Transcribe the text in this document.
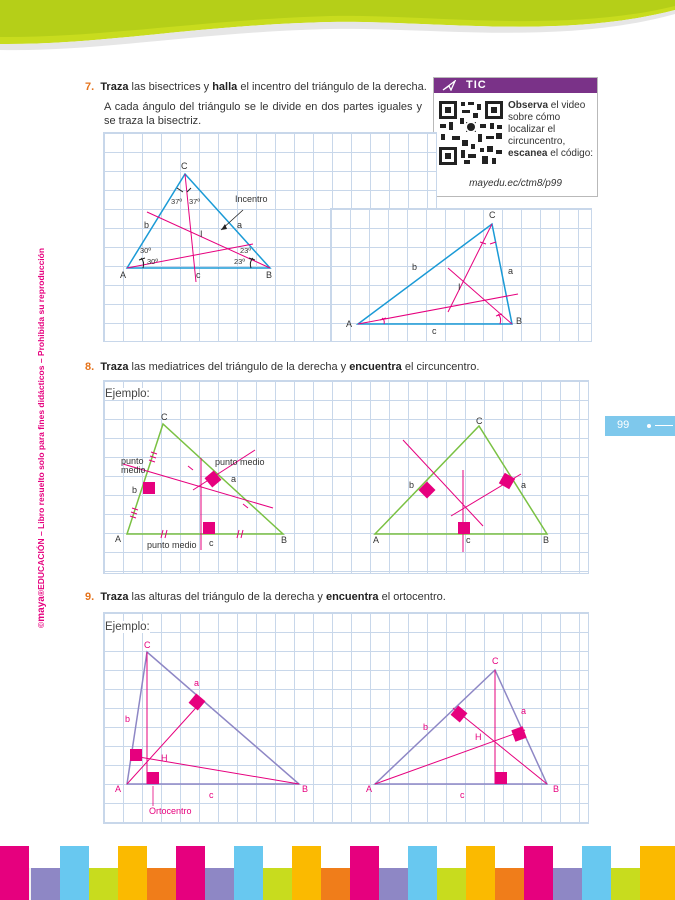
©maya®EDUCACIÓN – Libro resuelto solo para fines didácticos – Prohibida su reproducción	99
7. Traza las bisectrices y halla el incentro del triángulo de la derecha.
A cada ángulo del triángulo se le divide en dos partes iguales y se traza la bisectriz.
TIC
Observa el video sobre cómo localizar el circuncentro, escanea el código:
mayedu.ec/ctm8/p99
C
A	B
b	a
c
I
37º 37º
30º
30º
23º
23º
Incentro
C
A	B
b	a
c
I
8. Traza las mediatrices del triángulo de la derecha y encuentra el circuncentro.
Ejemplo:
C
A	B
a
b
c
punto
medio
punto medio
punto medio
C
A	B
a
b
c
9. Traza las alturas del triángulo de la derecha y encuentra el ortocentro.
Ejemplo:
C
A	B
a
b
c
H
Ortocentro
C
A	B
a
b
c
H
